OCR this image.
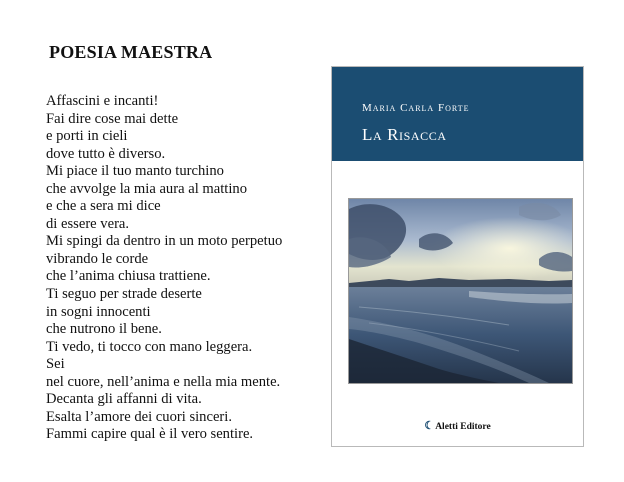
POESIA MAESTRA
Affascini e incanti!
Fai dire cose mai dette
e porti in cieli
dove tutto è diverso.
Mi piace il tuo manto turchino
che avvolge la mia aura al mattino
e che a sera mi dice
di essere vera.
Mi spingi da dentro in un moto perpetuo
vibrando le corde
che l’anima chiusa trattiene.
Ti seguo per strade deserte
in sogni innocenti
che nutrono il bene.
Ti vedo, ti tocco con mano leggera.
Sei
nel cuore, nell’anima e nella mia mente.
Decanta gli affanni di vita.
Esalta l’amore dei cuori sinceri.
Fammi capire qual è il vero sentire.
Maria Carla Forte
La Risacca
☾Aletti Editore
